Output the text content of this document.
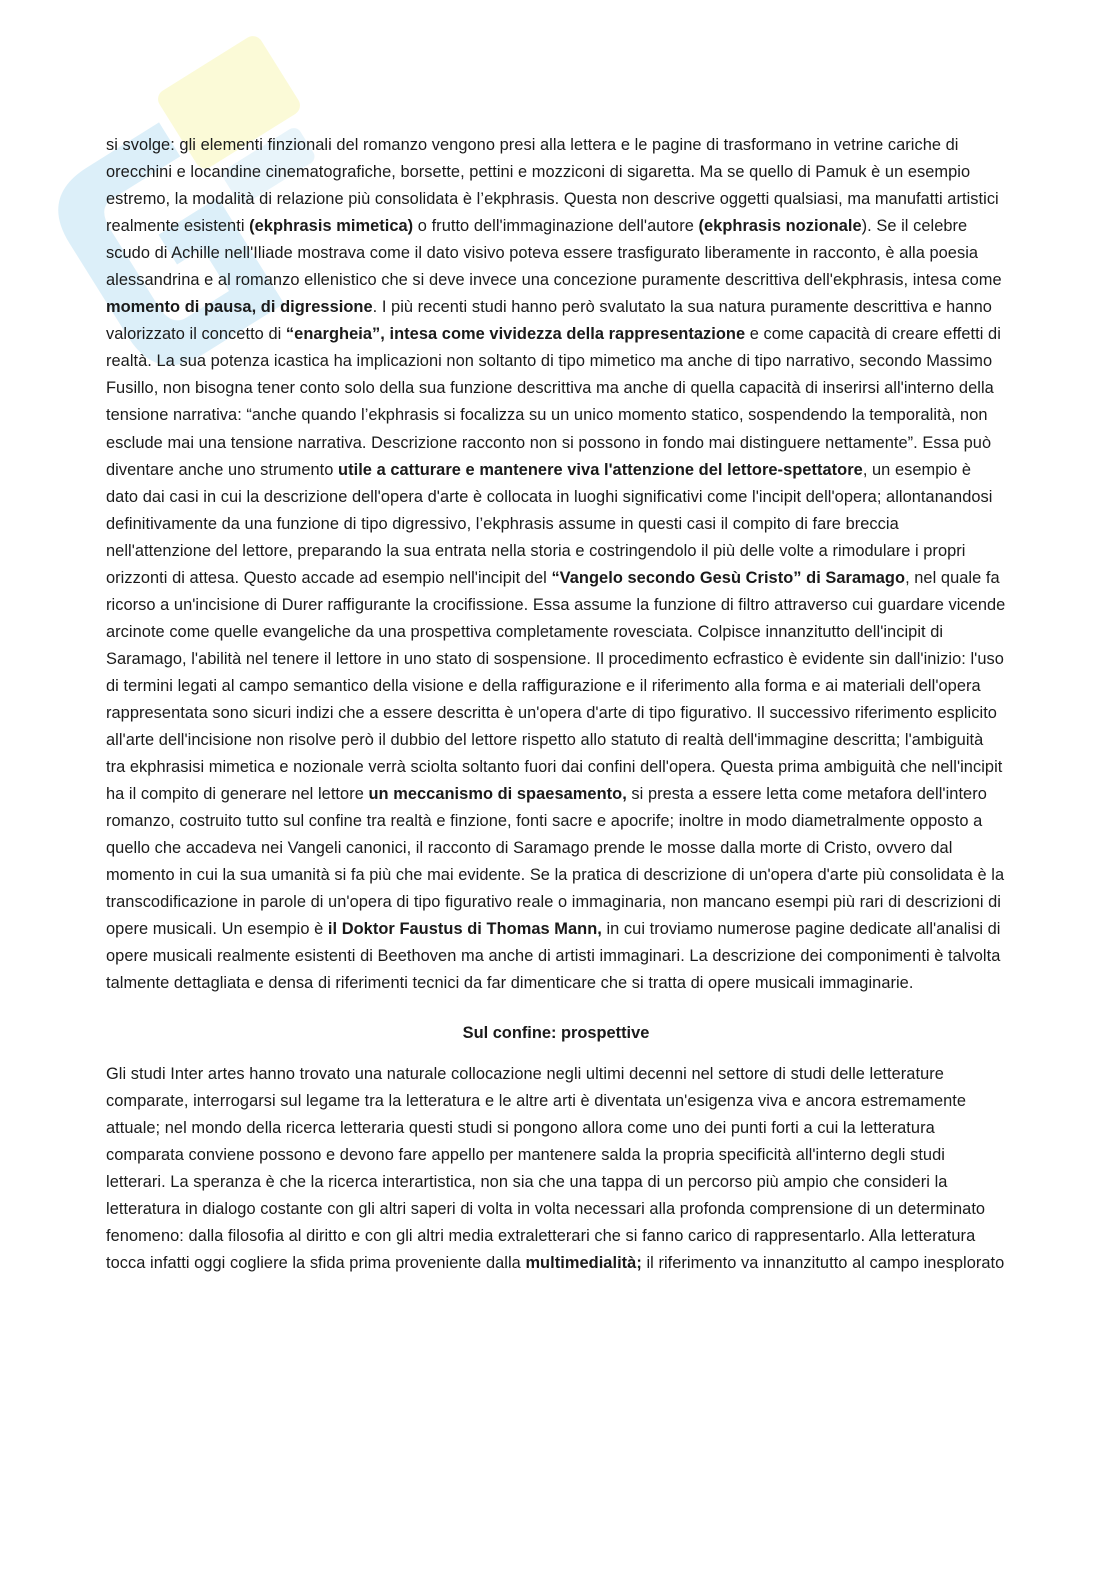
si svolge: gli elementi finzionali del romanzo vengono presi alla lettera e le pagine di trasformano in vetrine cariche di orecchini e locandine cinematografiche, borsette, pettini e mozziconi di sigaretta. Ma se quello di Pamuk è un esempio estremo, la modalità di relazione più consolidata è l’ekphrasis. Questa non descrive oggetti qualsiasi, ma manufatti artistici realmente esistenti (ekphrasis mimetica) o frutto dell'immaginazione dell'autore (ekphrasis nozionale). Se il celebre scudo di Achille nell'Iliade mostrava come il dato visivo poteva essere trasfigurato liberamente in racconto, è alla poesia alessandrina e al romanzo ellenistico che si deve invece una concezione puramente descrittiva dell'ekphrasis, intesa come momento di pausa, di digressione. I più recenti studi hanno però svalutato la sua natura puramente descrittiva e hanno valorizzato il concetto di “enargheia”, intesa come vividezza della rappresentazione e come capacità di creare effetti di realtà. La sua potenza icastica ha implicazioni non soltanto di tipo mimetico ma anche di tipo narrativo, secondo Massimo Fusillo, non bisogna tener conto solo della sua funzione descrittiva ma anche di quella capacità di inserirsi all'interno della tensione narrativa: “anche quando l’ekphrasis si focalizza su un unico momento statico, sospendendo la temporalità, non esclude mai una tensione narrativa. Descrizione racconto non si possono in fondo mai distinguere nettamente”. Essa può diventare anche uno strumento utile a catturare e mantenere viva l'attenzione del lettore-spettatore, un esempio è dato dai casi in cui la descrizione dell'opera d'arte è collocata in luoghi significativi come l'incipit dell'opera; allontanandosi definitivamente da una funzione di tipo digressivo, l’ekphrasis assume in questi casi il compito di fare breccia nell'attenzione del lettore, preparando la sua entrata nella storia e costringendolo il più delle volte a rimodulare i propri orizzonti di attesa. Questo accade ad esempio nell'incipit del “Vangelo secondo Gesù Cristo” di Saramago, nel quale fa ricorso a un'incisione di Durer raffigurante la crocifissione. Essa assume la funzione di filtro attraverso cui guardare vicende arcinote come quelle evangeliche da una prospettiva completamente rovesciata. Colpisce innanzitutto dell'incipit di Saramago, l'abilità nel tenere il lettore in uno stato di sospensione. Il procedimento ecfrastico è evidente sin dall'inizio: l'uso di termini legati al campo semantico della visione e della raffigurazione e il riferimento alla forma e ai materiali dell'opera rappresentata sono sicuri indizi che a essere descritta è un'opera d'arte di tipo figurativo. Il successivo riferimento esplicito all'arte dell'incisione non risolve però il dubbio del lettore rispetto allo statuto di realtà dell'immagine descritta; l'ambiguità tra ekphrasisi mimetica e nozionale verrà sciolta soltanto fuori dai confini dell'opera. Questa prima ambiguità che nell'incipit ha il compito di generare nel lettore un meccanismo di spaesamento, si presta a essere letta come metafora dell'intero romanzo, costruito tutto sul confine tra realtà e finzione, fonti sacre e apocrife; inoltre in modo diametralmente opposto a quello che accadeva nei Vangeli canonici, il racconto di Saramago prende le mosse dalla morte di Cristo, ovvero dal momento in cui la sua umanità si fa più che mai evidente. Se la pratica di descrizione di un'opera d'arte più consolidata è la transcodificazione in parole di un'opera di tipo figurativo reale o immaginaria, non mancano esempi più rari di descrizioni di opere musicali. Un esempio è il Doktor Faustus di Thomas Mann, in cui troviamo numerose pagine dedicate all'analisi di opere musicali realmente esistenti di Beethoven ma anche di artisti immaginari. La descrizione dei componimenti è talvolta talmente dettagliata e densa di riferimenti tecnici da far dimenticare che si tratta di opere musicali immaginarie.

Sul confine: prospettive

Gli studi Inter artes hanno trovato una naturale collocazione negli ultimi decenni nel settore di studi delle letterature comparate, interrogarsi sul legame tra la letteratura e le altre arti è diventata un'esigenza viva e ancora estremamente attuale; nel mondo della ricerca letteraria questi studi si pongono allora come uno dei punti forti a cui la letteratura comparata conviene possono e devono fare appello per mantenere salda la propria specificità all'interno degli studi letterari. La speranza è che la ricerca interartistica, non sia che una tappa di un percorso più ampio che consideri la letteratura in dialogo costante con gli altri saperi di volta in volta necessari alla profonda comprensione di un determinato fenomeno: dalla filosofia al diritto e con gli altri media extraletterari che si fanno carico di rappresentarlo. Alla letteratura tocca infatti oggi cogliere la sfida prima proveniente dalla multimedialità; il riferimento va innanzitutto al campo inesplorato
